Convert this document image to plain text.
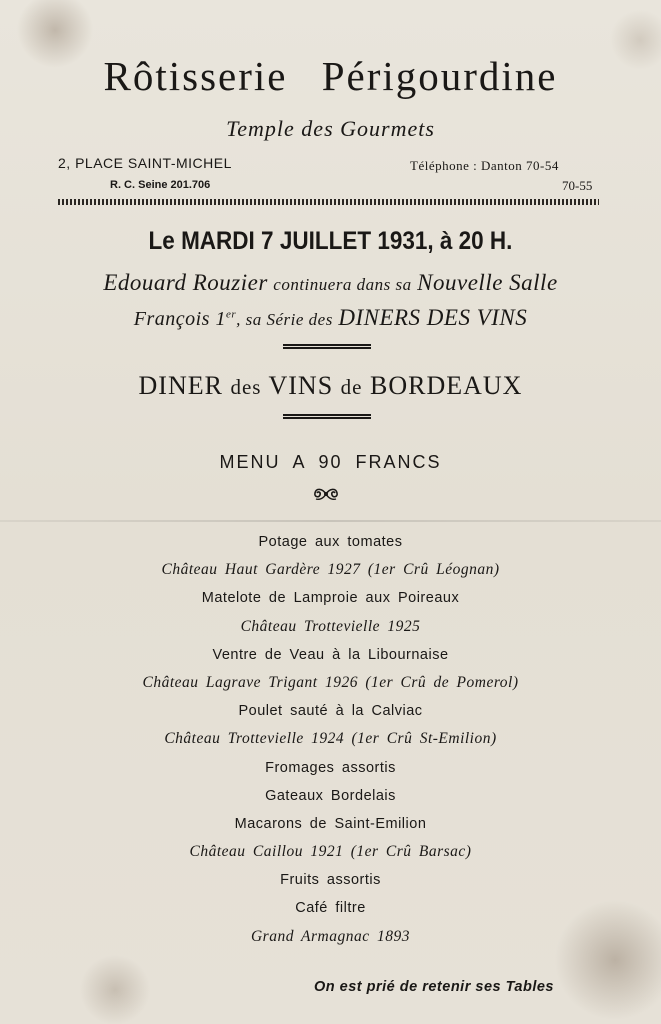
Rôtisserie Périgourdine
Temple des Gourmets
2, PLACE SAINT-MICHEL
R. C. Seine 201.706
Téléphone : Danton 70-54
70-55
Le MARDI 7 JUILLET 1931, à 20 H.
Edouard Rouzier continuera dans sa Nouvelle Salle
François 1er, sa Série des DINERS DES VINS
DINER des VINS de BORDEAUX
MENU A 90 FRANCS
Potage aux tomates
Château Haut Gardère 1927 (1er Crû Léognan)
Matelote de Lamproie aux Poireaux
Château Trottevielle 1925
Ventre de Veau à la Libournaise
Château Lagrave Trigant 1926 (1er Crû de Pomerol)
Poulet sauté à la Calviac
Château Trottevielle 1924 (1er Crû St-Emilion)
Fromages assortis
Gateaux Bordelais
Macarons de Saint-Emilion
Château Caillou 1921 (1er Crû Barsac)
Fruits assortis
Café filtre
Grand Armagnac 1893
On est prié de retenir ses Tables
